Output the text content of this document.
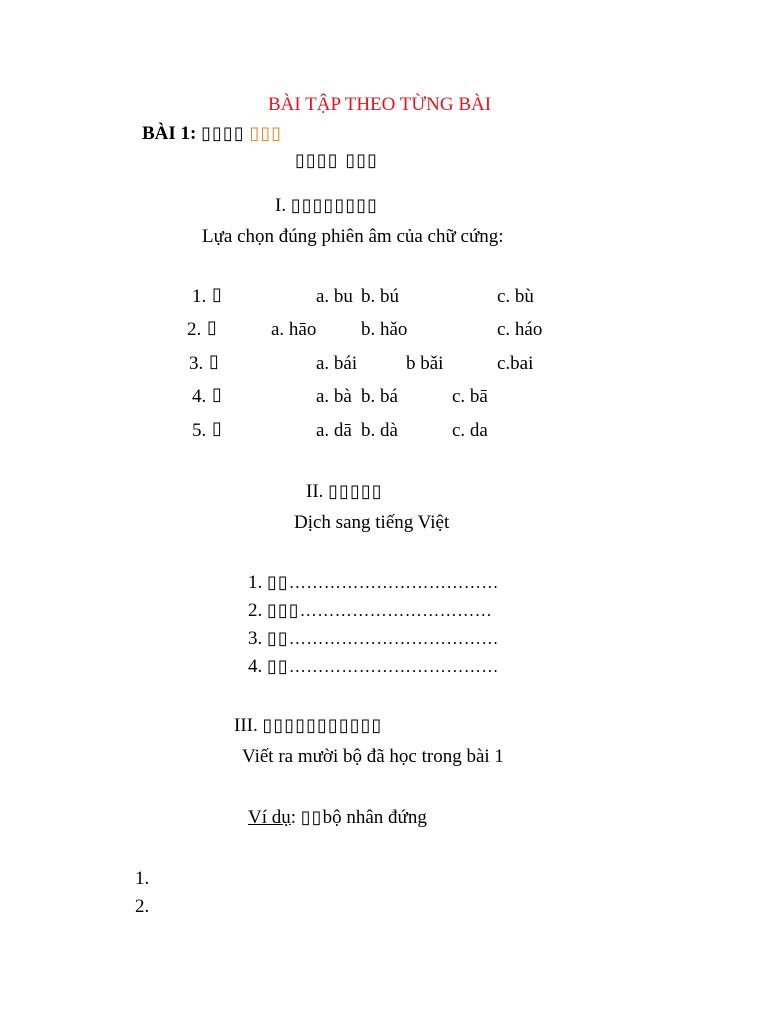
BÀI TẬP THEO TỪNG BÀI
BÀI 1: ▯▯▯▯ ▯▯▯
▯▯▯▯ ▯▯▯
I. ▯▯▯▯▯▯▯▯
Lựa chọn đúng phiên âm của chữ cứng:
1. ▯	a. bu b. bú	c. bù
2. ▯	a. hāo b. hǎo	c. háo
3. ▯	a. bái	b bǎi	c.bai
4. ▯	a. bà b. bá	c. bā
5. ▯	a. dā b. dà	c. da
II. ▯▯▯▯▯
Dịch sang tiếng Việt
1. ▯▯………………………………
2. ▯▯▯……………………………
3. ▯▯………………………………
4. ▯▯………………………………
III. ▯▯▯▯▯▯▯▯▯▯▯
Viết ra mười bộ đã học trong bài 1
Ví dụ: ▯▯bộ nhân đứng
1.
2.
